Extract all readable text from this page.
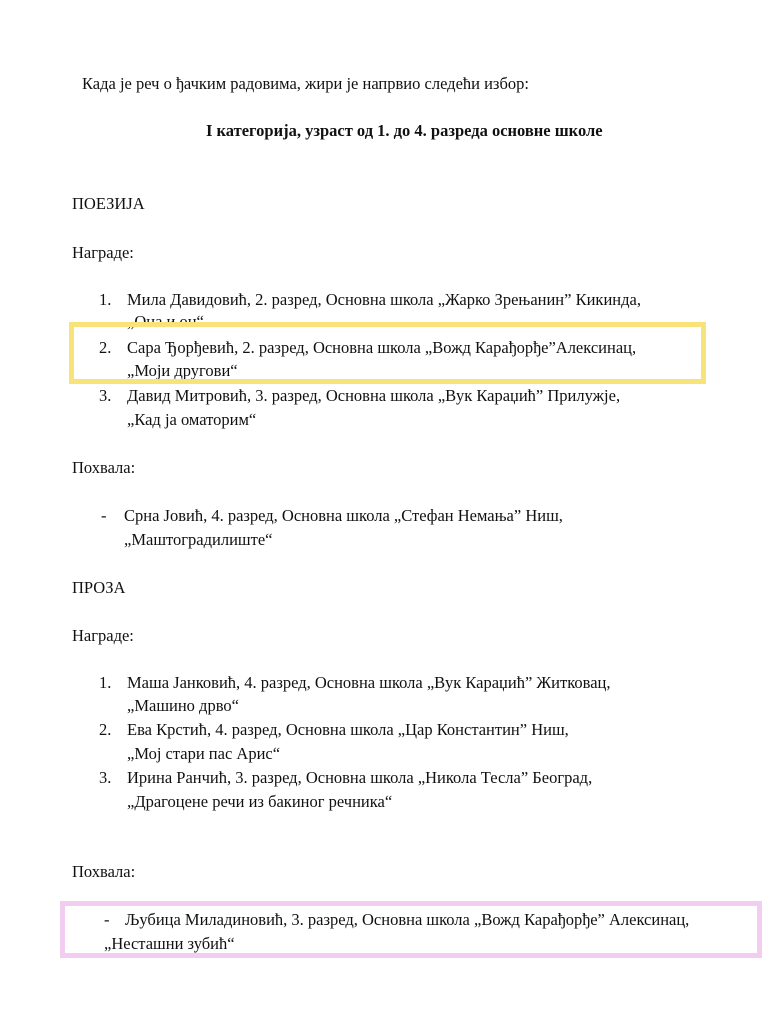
Када је реч о ђачким радовима, жири је напрвио следећи избор:
I категорија, узраст од 1. до 4. разреда основне школе
ПОЕЗИЈА
Награде:
1. Мила Давидовић, 2. разред, Основна школа „Жарко Зрењанин” Кикинда,
„Она и он“
2. Сара Ђорђевић, 2. разред, Основна школа „Вожд Карађорђе”Алексинац,
„Моји другови“
3. Давид Митровић, 3. разред, Основна школа „Вук Караџић” Прилужје,
„Кад ја оматорим“
Похвала:
- Срна Јовић, 4. разред, Основна школа „Стефан Немања” Ниш,
„Маштоградилиште“
ПРОЗА
Награде:
1. Маша Јанковић, 4. разред, Основна школа „Вук Караџић” Житковац,
„Машино дрво“
2. Ева Крстић, 4. разред, Основна школа „Цар Константин” Ниш,
„Мој стари пас Арис“
3. Ирина Ранчић, 3. разред, Основна школа „Никола Тесла” Београд,
„Драгоцене речи из бакиног речника“
Похвала:
- Љубица Миладиновић, 3. разред, Основна школа „Вожд Карађорђе” Алексинац,
„Несташни зубић“
